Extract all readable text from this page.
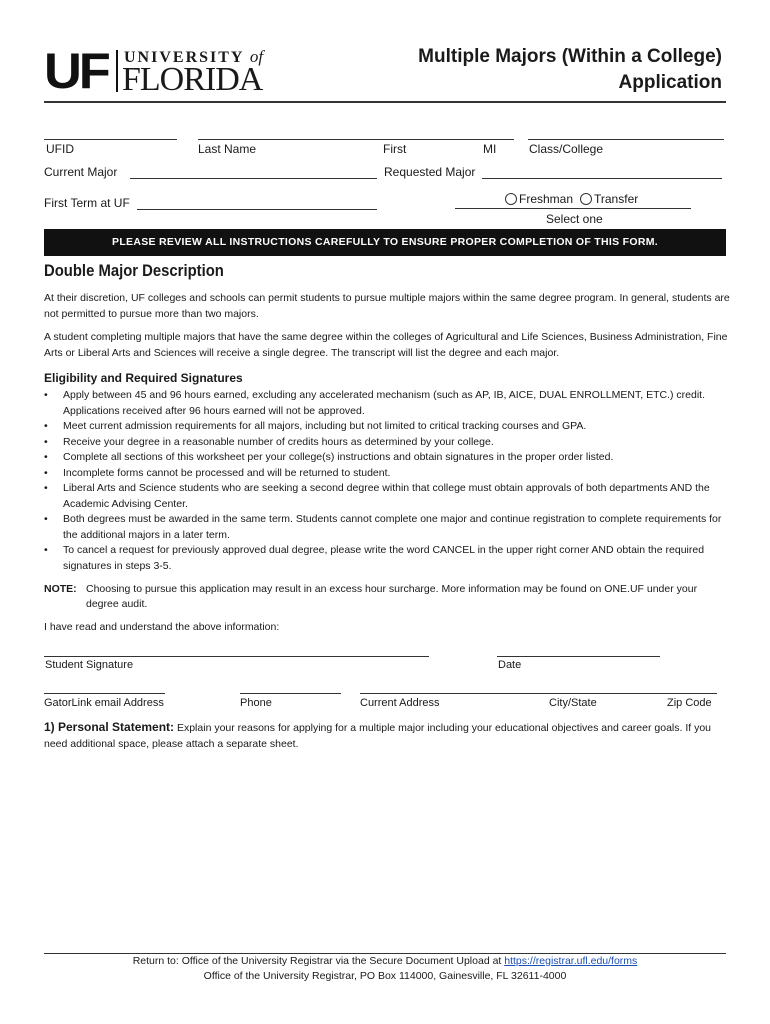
UF UNIVERSITY of
FLORIDA
Multiple Majors (Within a College)
Application
UFID	Last Name	First	MI	Class/College
Current Major	Requested Major
First Term at UF	Freshman Transfer
Select one
PLEASE REVIEW ALL INSTRUCTIONS CAREFULLY TO ENSURE PROPER COMPLETION OF THIS FORM.
Double Major Description
At their discretion, UF colleges and schools can permit students to pursue multiple majors within the same degree program. In general, students are not permitted to pursue more than two majors.
A student completing multiple majors that have the same degree within the colleges of Agricultural and Life Sciences, Business Administration, Fine Arts or Liberal Arts and Sciences will receive a single degree. The transcript will list the degree and each major.
Eligibility and Required Signatures
• Apply between 45 and 96 hours earned, excluding any accelerated mechanism (such as AP, IB, AICE, DUAL ENROLLMENT, ETC.) credit. Applications received after 96 hours earned will not be approved.
• Meet current admission requirements for all majors, including but not limited to critical tracking courses and GPA.
• Receive your degree in a reasonable number of credits hours as determined by your college.
• Complete all sections of this worksheet per your college(s) instructions and obtain signatures in the proper order listed.
• Incomplete forms cannot be processed and will be returned to student.
• Liberal Arts and Science students who are seeking a second degree within that college must obtain approvals of both departments AND the Academic Advising Center.
• Both degrees must be awarded in the same term. Students cannot complete one major and continue registration to complete requirements for the additional majors in a later term.
• To cancel a request for previously approved dual degree, please write the word CANCEL in the upper right corner AND obtain the required signatures in steps 3-5.
NOTE: Choosing to pursue this application may result in an excess hour surcharge. More information may be found on ONE.UF under your
degree audit.
I have read and understand the above information:
Student Signature	Date
GatorLink email Address	Phone	Current Address	City/State	Zip Code
1) Personal Statement: Explain your reasons for applying for a multiple major including your educational objectives and career goals. If you need additional space, please attach a separate sheet.
Return to: Office of the University Registrar via the Secure Document Upload at https://registrar.ufl.edu/forms
Office of the University Registrar, PO Box 114000, Gainesville, FL 32611-4000
